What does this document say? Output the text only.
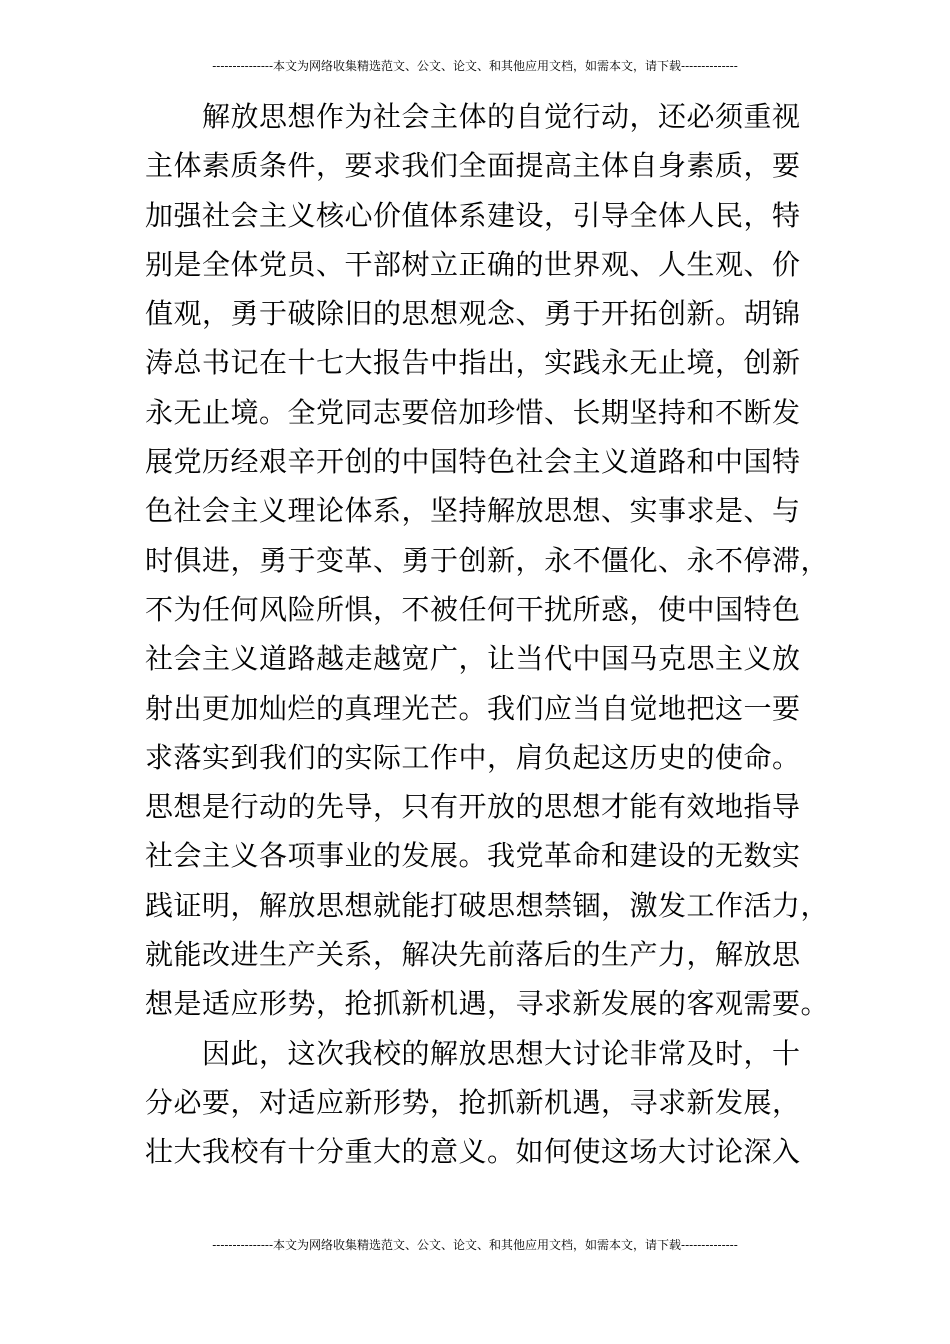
---------------本文为网络收集精选范文、公文、论文、和其他应用文档，如需本文，请下载--------------
　　解放思想作为社会主体的自觉行动，还必须重视
主体素质条件，要求我们全面提高主体自身素质，要
加强社会主义核心价值体系建设，引导全体人民，特
别是全体党员、干部树立正确的世界观、人生观、价
值观，勇于破除旧的思想观念、勇于开拓创新。胡锦
涛总书记在十七大报告中指出，实践永无止境，创新
永无止境。全党同志要倍加珍惜、长期坚持和不断发
展党历经艰辛开创的中国特色社会主义道路和中国特
色社会主义理论体系，坚持解放思想、实事求是、与
时俱进，勇于变革、勇于创新，永不僵化、永不停滞，
不为任何风险所惧，不被任何干扰所惑，使中国特色
社会主义道路越走越宽广，让当代中国马克思主义放
射出更加灿烂的真理光芒。我们应当自觉地把这一要
求落实到我们的实际工作中，肩负起这历史的使命。
思想是行动的先导，只有开放的思想才能有效地指导
社会主义各项事业的发展。我党革命和建设的无数实
践证明，解放思想就能打破思想禁锢，激发工作活力，
就能改进生产关系，解决先前落后的生产力，解放思
想是适应形势，抢抓新机遇，寻求新发展的客观需要。
　　因此，这次我校的解放思想大讨论非常及时，十
分必要，对适应新形势，抢抓新机遇，寻求新发展，
壮大我校有十分重大的意义。如何使这场大讨论深入
---------------本文为网络收集精选范文、公文、论文、和其他应用文档，如需本文，请下载--------------
